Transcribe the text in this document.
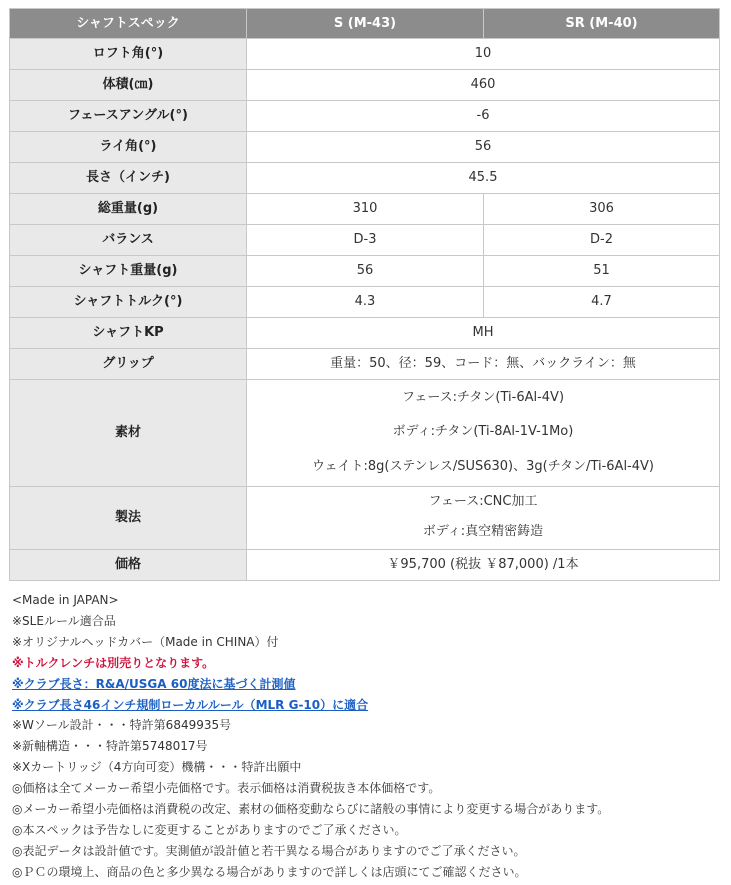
シャフトスペック	S (M-43)	SR (M-40)
ロフト角(°)	10	
体積(㎝)	460	
フェースアングル(°)	-6	
ライ角(°)	56	
長さ（インチ)	45.5	
総重量(g)	310	306
バランス	D-3	D-2
シャフト重量(g)	56	51
シャフトトルク(°)	4.3	4.7
シャフトKP	MH	
グリップ	重量：50、径：59、コード：無、バックライン：無	
素材	フェース:チタン(Ti-6Al-4V)
ボディ:チタン(Ti-8Al-1V-1Mo)
ウェイト:8g(ステンレス/SUS630)、3g(チタン/Ti-6Al-4V)	

製法	フェース:CNC加工
ボディ:真空精密鋳造	

価格	￥95,700 (税抜 ￥87,000) /1本	
<Made in JAPAN>
※SLEルール適合品
※オリジナルヘッドカバー（Made in CHINA）付
※トルクレンチは別売りとなります。
※クラブ長さ：R&A/USGA 60度法に基づく計測値
※クラブ長さ46インチ規制ローカルルール（MLR G-10）に適合
※Wソール設計・・・特許第6849935号
※新軸構造・・・特許第5748017号
※Xカートリッジ（4方向可変）機構・・・特許出願中
◎価格は全てメーカー希望小売価格です。表示価格は消費税抜き本体価格です。
◎メーカー希望小売価格は消費税の改定、素材の価格変動ならびに諸般の事情により変更する場合があります。
◎本スペックは予告なしに変更することがありますのでご了承ください。
◎表記データは設計値です。実測値が設計値と若干異なる場合がありますのでご了承ください。
◎ＰＣの環境上、商品の色と多少異なる場合がありますので詳しくは店頭にてご確認ください。
